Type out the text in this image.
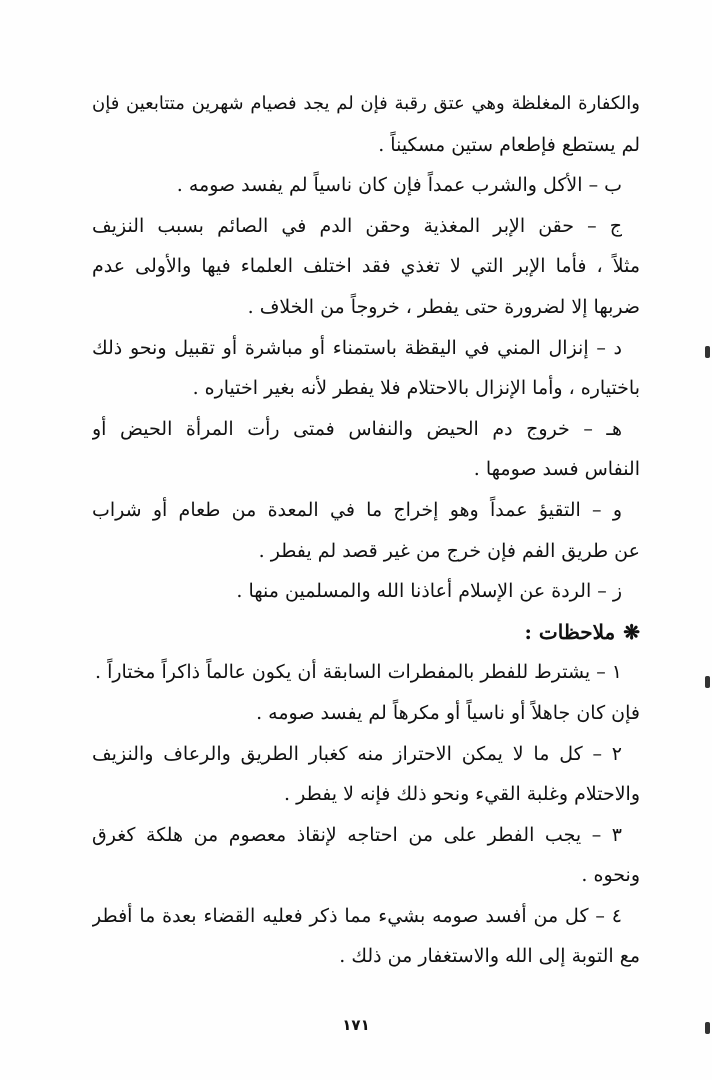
والكفارة المغلظة وهي عتق رقبة فإن لم يجد فصيام شهرين متتابعين فإن
لم يستطع فإطعام ستين مسكيناً .
ب – الأكل والشرب عمداً فإن كان ناسياً لم يفسد صومه .
ج – حقن الإبر المغذية وحقن الدم في الصائم بسبب النزيف
مثلاً ، فأما الإبر التي لا تغذي فقد اختلف العلماء فيها والأولى عدم
ضربها إلا لضرورة حتى يفطر ، خروجاً من الخلاف .
د – إنزال المني في اليقظة باستمناء أو مباشرة أو تقبيل ونحو ذلك
باختياره ، وأما الإنزال بالاحتلام فلا يفطر لأنه بغير اختياره .
هـ – خروج دم الحيض والنفاس فمتى رأت المرأة الحيض أو
النفاس فسد صومها .
و – التقيؤ عمداً وهو إخراج ما في المعدة من طعام أو شراب
عن طريق الفم فإن خرج من غير قصد لم يفطر .
ز – الردة عن الإسلام أعاذنا الله والمسلمين منها .
❋ملاحظات :
١ – يشترط للفطر بالمفطرات السابقة أن يكون عالماً ذاكراً مختاراً .
فإن كان جاهلاً أو ناسياً أو مكرهاً لم يفسد صومه .
٢ – كل ما لا يمكن الاحتراز منه كغبار الطريق والرعاف والنزيف
والاحتلام وغلبة القيء ونحو ذلك فإنه لا يفطر .
٣ – يجب الفطر على من احتاجه لإنقاذ معصوم من هلكة كغرق
ونحوه .
٤ – كل من أفسد صومه بشيء مما ذكر فعليه القضاء بعدة ما أفطر
مع التوبة إلى الله والاستغفار من ذلك .
١٧١
